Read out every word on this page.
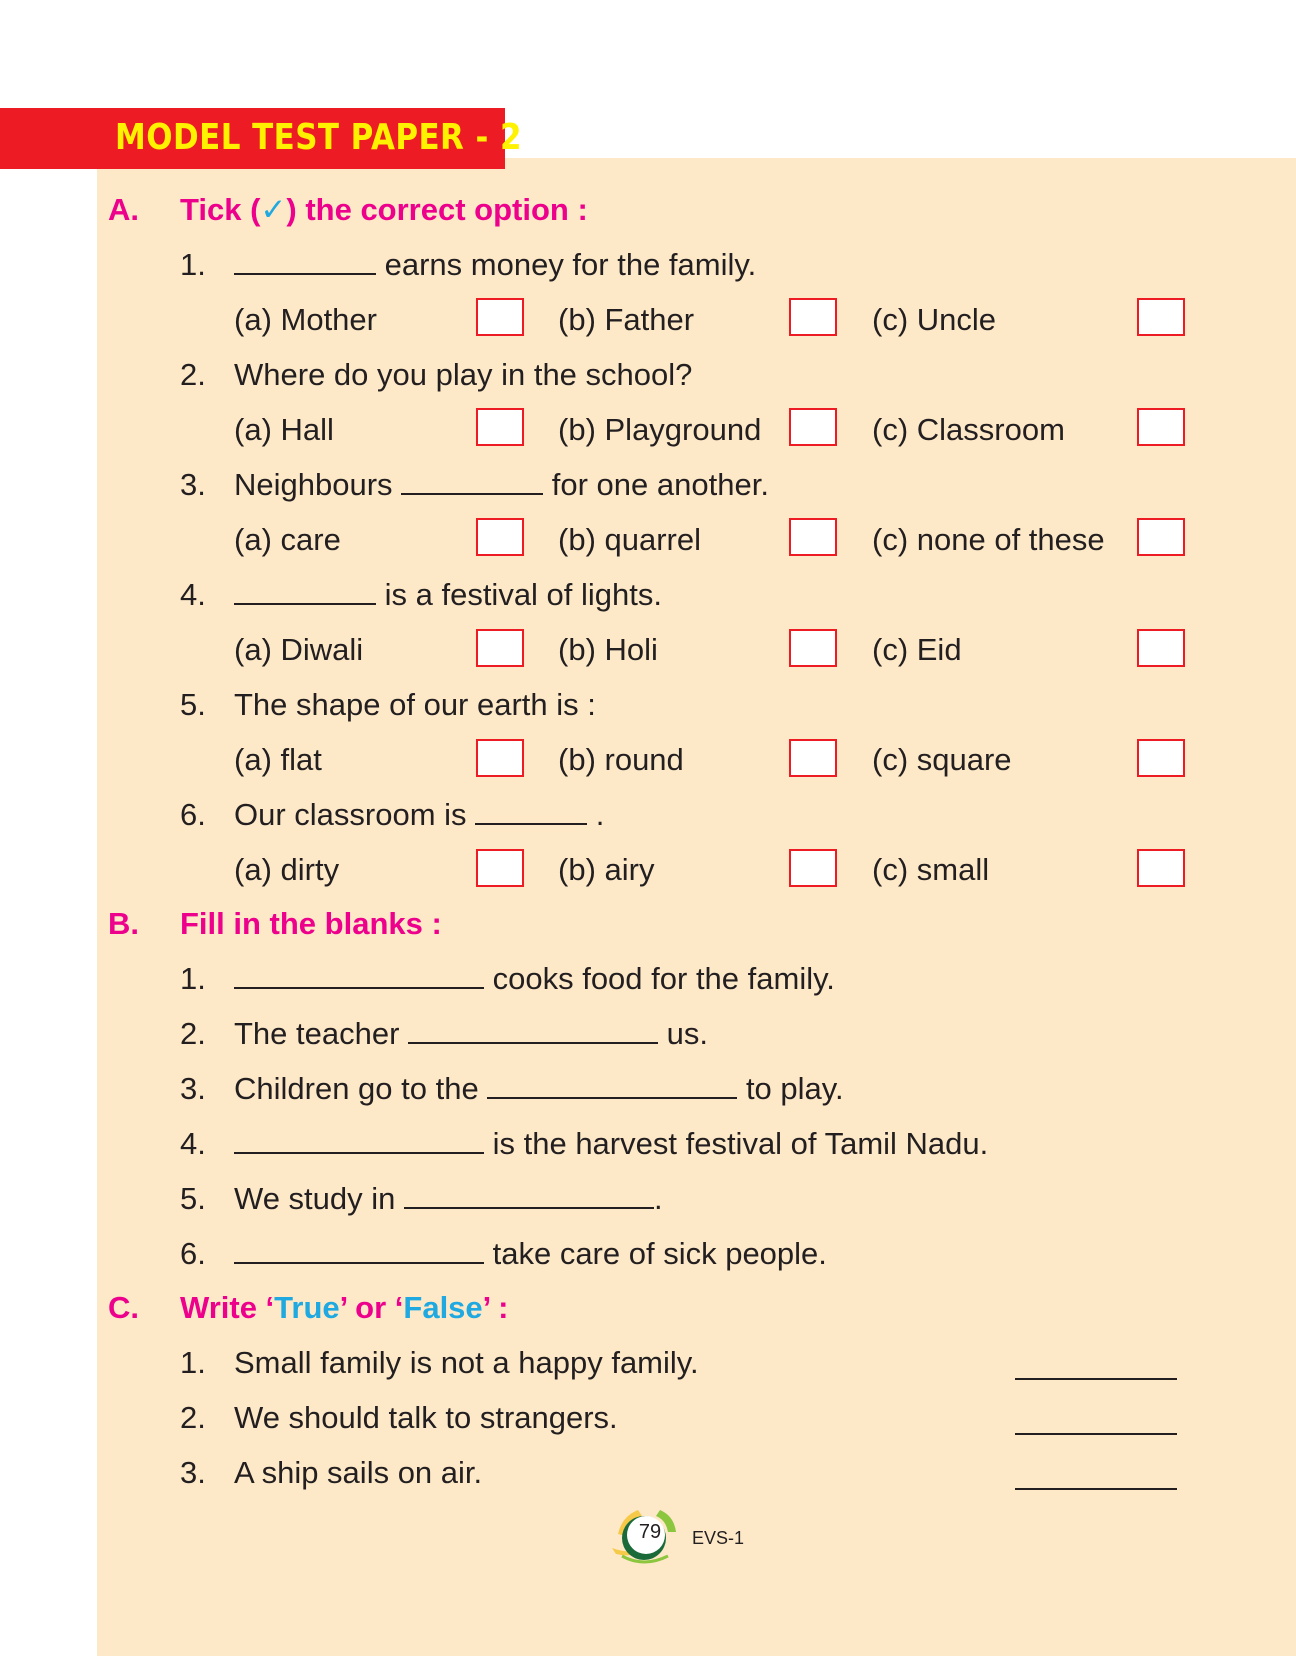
MODEL TEST PAPER - 2
A. Tick (✓) the correct option :
1.	earns money for the family.
(a) Mother	(b) Father	(c) Uncle
2. Where do you play in the school?
(a) Hall	(b) Playground	(c) Classroom
3. Neighbours	for one another.
(a) care	(b) quarrel	(c) none of these
4.	is a festival of lights.
(a) Diwali	(b) Holi	(c) Eid
5. The shape of our earth is :
(a) flat	(b) round	(c) square
6. Our classroom is	.
(a) dirty	(b) airy	(c) small
B. Fill in the blanks :
1.	cooks food for the family.
2. The teacher	us.
3. Children go to the	to play.
4.	is the harvest festival of Tamil Nadu.
5. We study in	.
6.	take care of sick people.
C. Write ‘True’ or ‘False’ :
1. Small family is not a happy family.
2. We should talk to strangers.
3. A ship sails on air.
79	EVS-1
